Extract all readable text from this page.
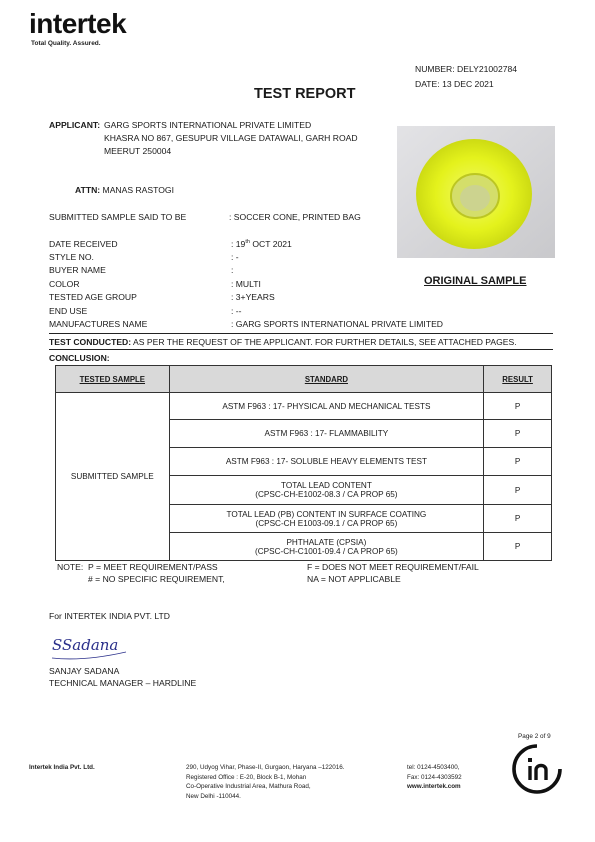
intertek
Total Quality. Assured.
NUMBER: DELY21002784
DATE: 13 DEC 2021
TEST REPORT
APPLICANT: GARG SPORTS INTERNATIONAL PRIVATE LIMITED
KHASRA NO 867, GESUPUR VILLAGE DATAWALI, GARH ROAD
MEERUT 250004
ATTN: MANAS RASTOGI
SUBMITTED SAMPLE SAID TO BE	: SOCCER CONE, PRINTED BAG
DATE RECEIVED	: 19th OCT 2021
STYLE NO.	: -
BUYER NAME	:
COLOR	: MULTI
TESTED AGE GROUP	: 3+YEARS
END USE	: --
MANUFACTURES NAME	: GARG SPORTS INTERNATIONAL PRIVATE LIMITED
ORIGINAL SAMPLE
TEST CONDUCTED: AS PER THE REQUEST OF THE APPLICANT. FOR FURTHER DETAILS, SEE ATTACHED PAGES.
CONCLUSION:
TESTED SAMPLE	STANDARD	RESULT
SUBMITTED SAMPLE	ASTM F963 : 17- PHYSICAL AND MECHANICAL TESTS	P

	ASTM F963 : 17- FLAMMABILITY	P

	ASTM F963 : 17- SOLUBLE HEAVY ELEMENTS TEST	P

	TOTAL LEAD CONTENT
(CPSC-CH-E1002-08.3 / CA PROP 65)	P

	TOTAL LEAD (PB) CONTENT IN SURFACE COATING
(CPSC-CH E1003-09.1 / CA PROP 65)	P

	PHTHALATE (CPSIA)
(CPSC-CH-C1001-09.4 / CA PROP 65)	P
NOTE: P = MEET REQUIREMENT/PASS	F = DOES NOT MEET REQUIREMENT/FAIL
# = NO SPECIFIC REQUIREMENT,	NA = NOT APPLICABLE
For INTERTEK INDIA PVT. LTD
SSadana
SANJAY SADANA
TECHNICAL MANAGER – HARDLINE
Page 2 of 9
Intertek India Pvt. Ltd.	290, Udyog Vihar, Phase-II, Gurgaon, Haryana –122016.
Registered Office : E-20, Block B-1, Mohan
Co-Operative Industrial Area, Mathura Road,
New Delhi -110044.
tel: 0124-4503400,
Fax: 0124-4303592
www.intertek.com
